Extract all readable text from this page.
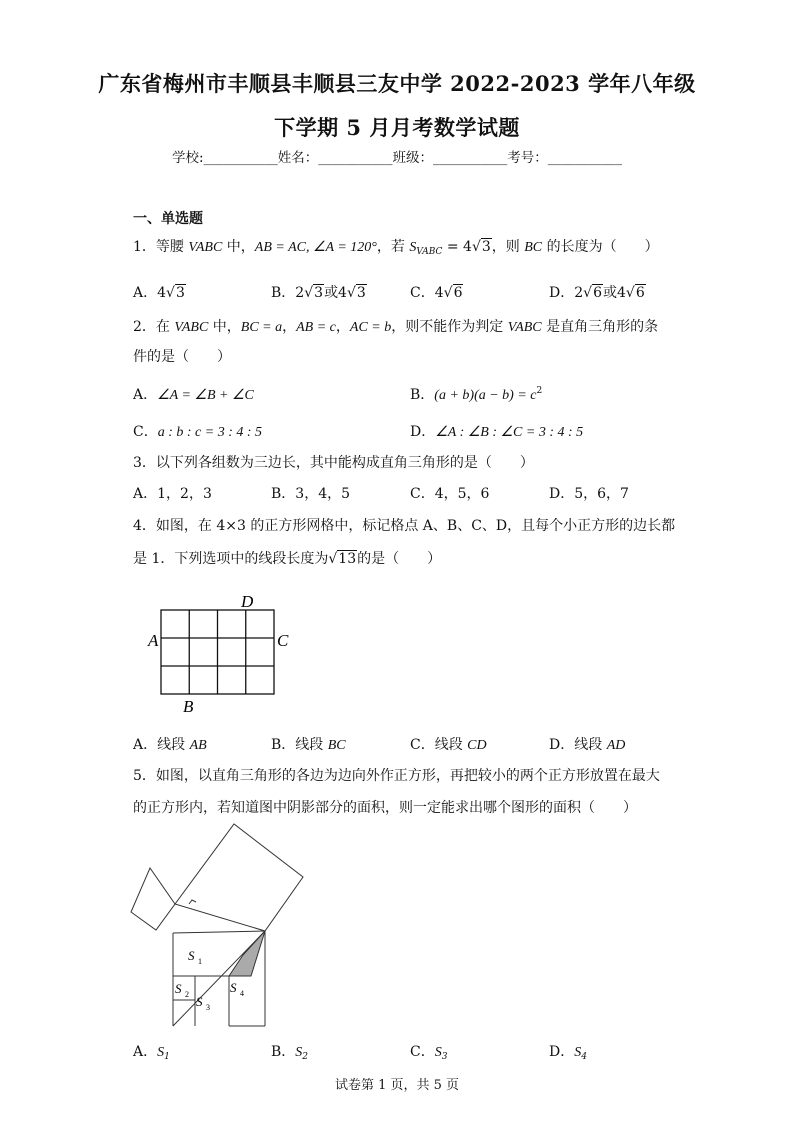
广东省梅州市丰顺县丰顺县三友中学 2022-2023 学年八年级
下学期 5 月月考数学试题
学校:___________姓名：___________班级：___________考号：___________
一、单选题
1．等腰 VABC 中，AB = AC, ∠A = 120°，若 $S_{VABC} = 4√3$，则 BC 的长度为（　　）
A．4√3	B．2√3或4√3	C．4√6	D．2√6或4√6
2．在 VABC 中，BC = a，AB = c，AC = b，则不能作为判定 VABC 是直角三角形的条
件的是（　　）
A．∠A = ∠B + ∠C	B．$(a + b)(a - b) = c^2$
C．a : b : c = 3 : 4 : 5	D．∠A : ∠B : ∠C = 3 : 4 : 5
3．以下列各组数为三边长，其中能构成直角三角形的是（　　）
A．1，2，3	B．3，4，5	C．4，5，6	D．5，6，7
4．如图，在 4×3 的正方形网格中，标记格点 A、B、C、D，且每个小正方形的边长都
是 1．下列选项中的线段长度为√13的是（　　）
A
B
C
D
A．线段 AB	B．线段 BC	C．线段 CD	D．线段 AD
5．如图，以直角三角形的各边为边向外作正方形，再把较小的两个正方形放置在最大
的正方形内，若知道图中阴影部分的面积，则一定能求出哪个图形的面积（　　）
S 1
S 2 S 3
S 4
A．$S_1$	B．$S_2$	C．$S_3$	D．$S_4$
试卷第 1 页，共 5 页
